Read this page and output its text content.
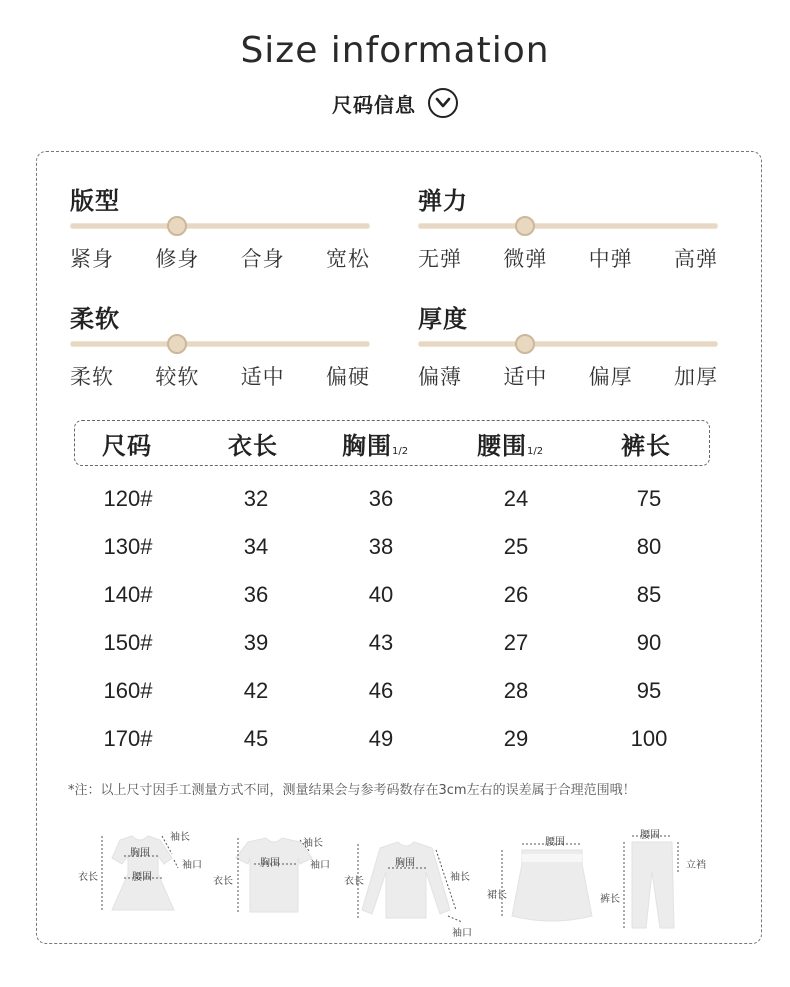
Size information
尺码信息
版型
紧身 修身 合身 宽松
弹力
无弹 微弹 中弹 高弹
柔软
柔软 较软 适中 偏硬
厚度
偏薄 适中 偏厚 加厚
尺码	衣长	胸围1/2	腰围1/2	裤长
120#	32	36	24	75
130#	34	38	25	80
140#	36	40	26	85
150#	39	43	27	90
160#	42	46	28	95
170#	45	49	29	100
*注：以上尺寸因手工测量方式不同，测量结果会与参考码数存在3cm左右的误差属于合理范围哦！
袖长
胸围
袖口
衣长	腰围
袖长
胸围	袖口
衣长
胸围
衣长	袖长
袖口
腰围
裙长
腰围
立裆
裤长
